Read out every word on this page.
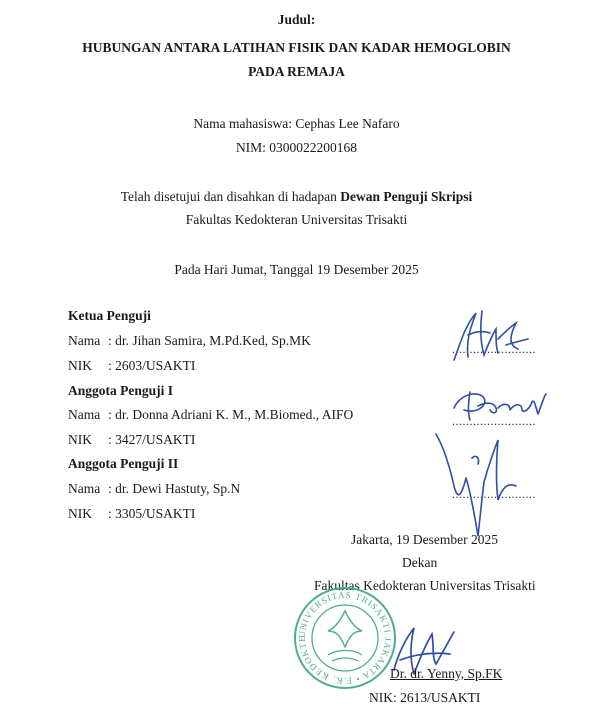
Judul:
HUBUNGAN ANTARA LATIHAN FISIK DAN KADAR HEMOGLOBIN
PADA REMAJA
Nama mahasiswa: Cephas Lee Nafaro
NIM: 0300022200168
Telah disetujui dan disahkan di hadapan Dewan Penguji Skripsi
Fakultas Kedokteran Universitas Trisakti
Pada Hari Jumat, Tanggal 19 Desember 2025
Ketua Penguji
Nama : dr. Jihan Samira, M.Pd.Ked, Sp.MK
NIK : 2603/USAKTI
Anggota Penguji I
Nama : dr. Donna Adriani K. M., M.Biomed., AIFO
NIK : 3427/USAKTI
Anggota Penguji II
Nama : dr. Dewi Hastuty, Sp.N
NIK : 3305/USAKTI
........................
........................
........................
Jakarta, 19 Desember 2025
Dekan
Fakultas Kedokteran Universitas Trisakti
UNIVERSITAS TRISAKTI JAKARTA • F.K. KEDOKTERAN •
Dr. dr. Yenny, Sp.FK
NIK: 2613/USAKTI
